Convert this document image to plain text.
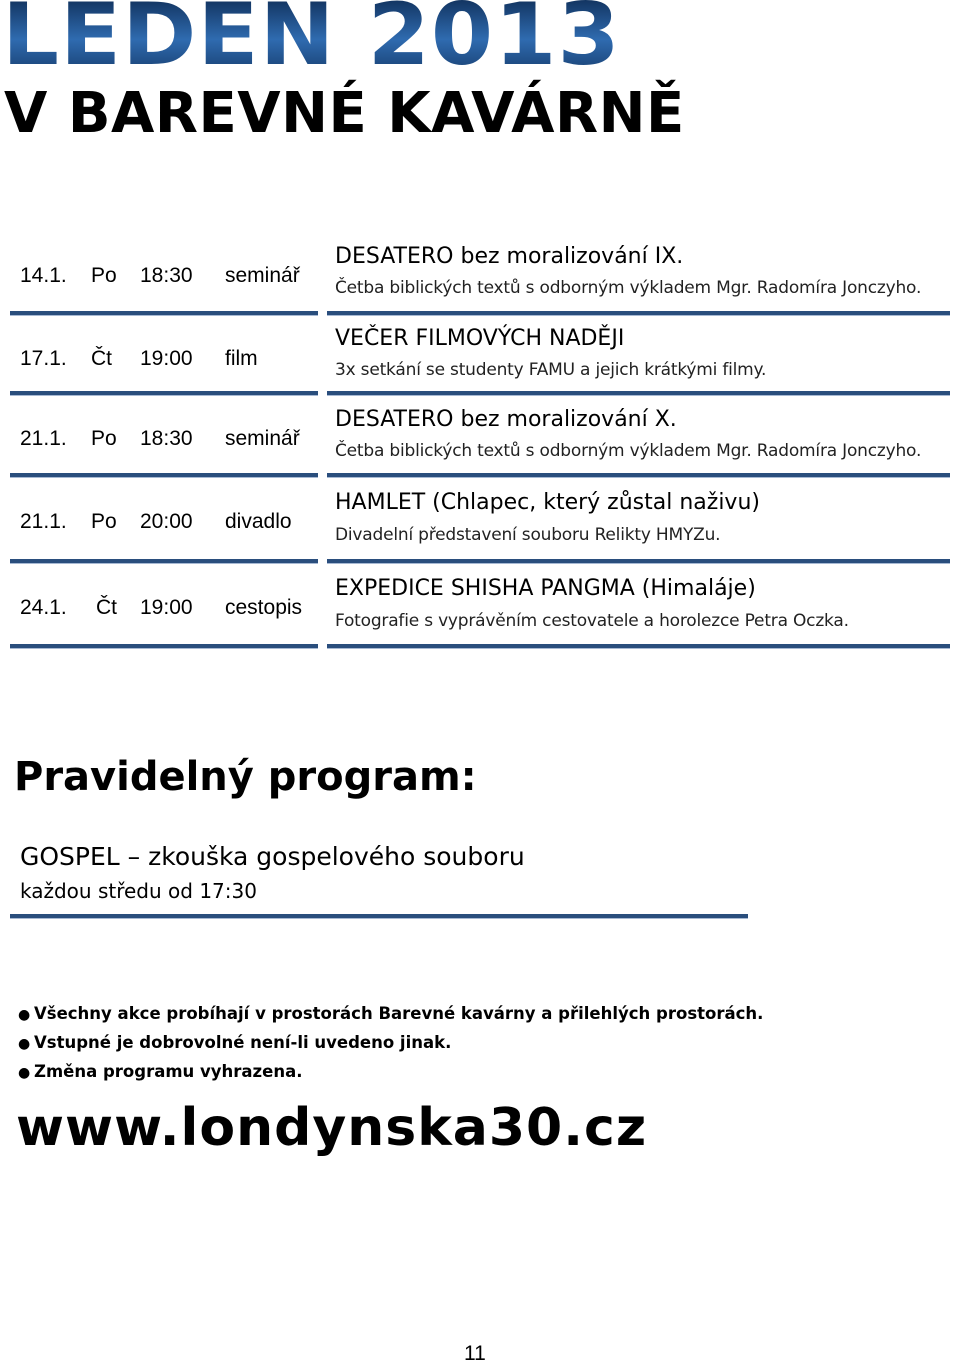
LEDEN 2013
V BAREVNÉ KAVÁRNĚ
14.1. Po 18:30 seminář
DESATERO bez moralizování IX.
Četba biblických textů s odborným výkladem Mgr. Radomíra Jonczyho.
17.1. Čt 19:00 film
VEČER FILMOVÝCH NADĚJI
3x setkání se studenty FAMU a jejich krátkými filmy.
21.1. Po 18:30 seminář
DESATERO bez moralizování X.
Četba biblických textů s odborným výkladem Mgr. Radomíra Jonczyho.
21.1. Po 20:00 divadlo
HAMLET (Chlapec, který zůstal naživu)
Divadelní představení souboru Relikty HMYZu.
24.1. Čt 19:00 cestopis
EXPEDICE SHISHA PANGMA (Himaláje)
Fotografie s vyprávěním cestovatele a horolezce Petra Oczka.
Pravidelný program:
GOSPEL – zkouška gospelového souboru
každou středu od 17:30
● Všechny akce probíhají v prostorách Barevné kavárny a přilehlých prostorách.
● Vstupné je dobrovolné není-li uvedeno jinak.
● Změna programu vyhrazena.
www.londynska30.cz
11
